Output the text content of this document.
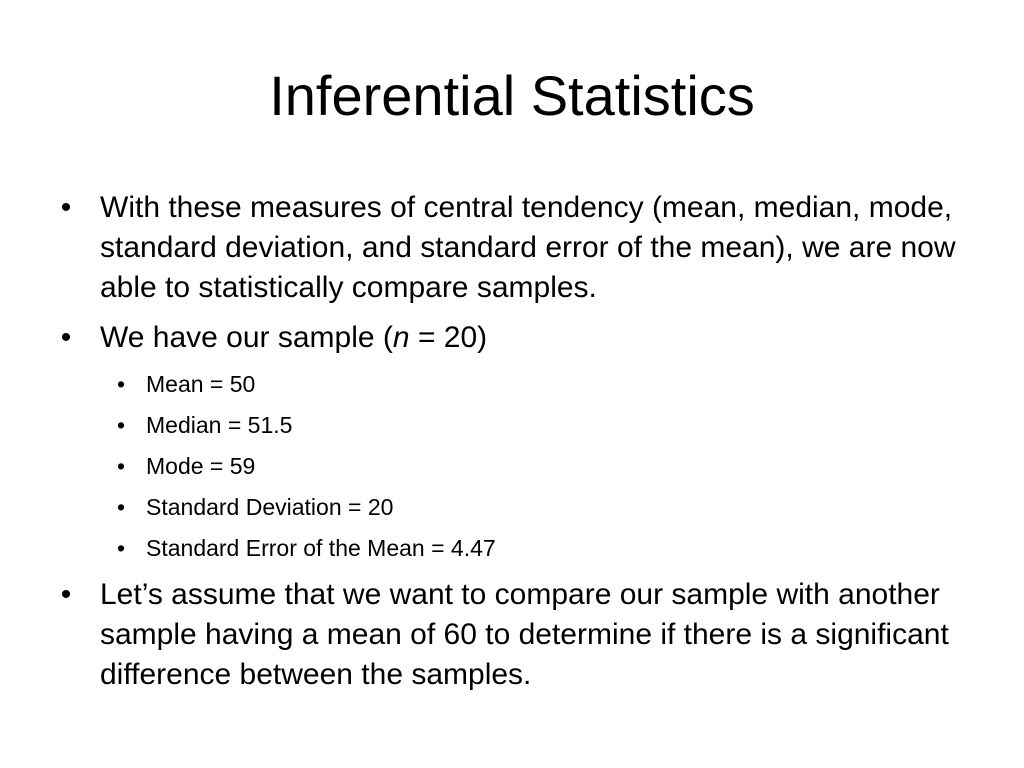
Inferential Statistics
• With these measures of central tendency (mean, median, mode, standard deviation, and standard error of the mean), we are now able to statistically compare samples.
• We have our sample (n = 20)
• Mean = 50
• Median = 51.5
• Mode = 59
• Standard Deviation = 20
• Standard Error of the Mean = 4.47
• Let’s assume that we want to compare our sample with another sample having a mean of 60 to determine if there is a significant difference between the samples.
